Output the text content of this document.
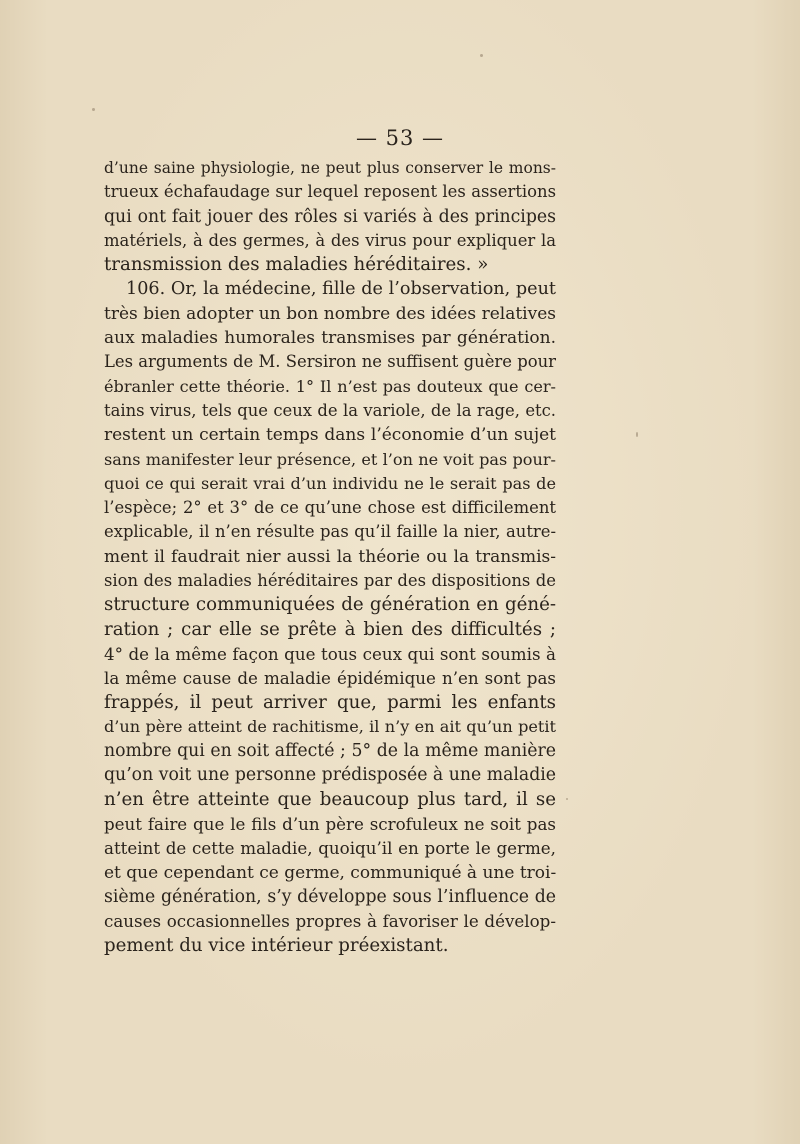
— 53 —
d’une saine physiologie, ne peut plus conserver le mons-
trueux échafaudage sur lequel reposent les assertions
qui ont fait jouer des rôles si variés à des principes
matériels, à des germes, à des virus pour expliquer la
transmission des maladies héréditaires. »
106. Or, la médecine, fille de l’observation, peut
très bien adopter un bon nombre des idées relatives
aux maladies humorales transmises par génération.
Les arguments de M. Sersiron ne suffisent guère pour
ébranler cette théorie. 1° Il n’est pas douteux que cer-
tains virus, tels que ceux de la variole, de la rage, etc.
restent un certain temps dans l’économie d’un sujet
sans manifester leur présence, et l’on ne voit pas pour-
quoi ce qui serait vrai d’un individu ne le serait pas de
l’espèce; 2° et 3° de ce qu’une chose est difficilement
explicable, il n’en résulte pas qu’il faille la nier, autre-
ment il faudrait nier aussi la théorie ou la transmis-
sion des maladies héréditaires par des dispositions de
structure communiquées de génération en géné-
ration ; car elle se prête à bien des difficultés ;
4° de la même façon que tous ceux qui sont soumis à
la même cause de maladie épidémique n’en sont pas
frappés, il peut arriver que, parmi les enfants
d’un père atteint de rachitisme, il n’y en ait qu’un petit
nombre qui en soit affecté ; 5° de la même manière
qu’on voit une personne prédisposée à une maladie
n’en être atteinte que beaucoup plus tard, il se
peut faire que le fils d’un père scrofuleux ne soit pas
atteint de cette maladie, quoiqu’il en porte le germe,
et que cependant ce germe, communiqué à une troi-
sième génération, s’y développe sous l’influence de
causes occasionnelles propres à favoriser le dévelop-
pement du vice intérieur préexistant.
